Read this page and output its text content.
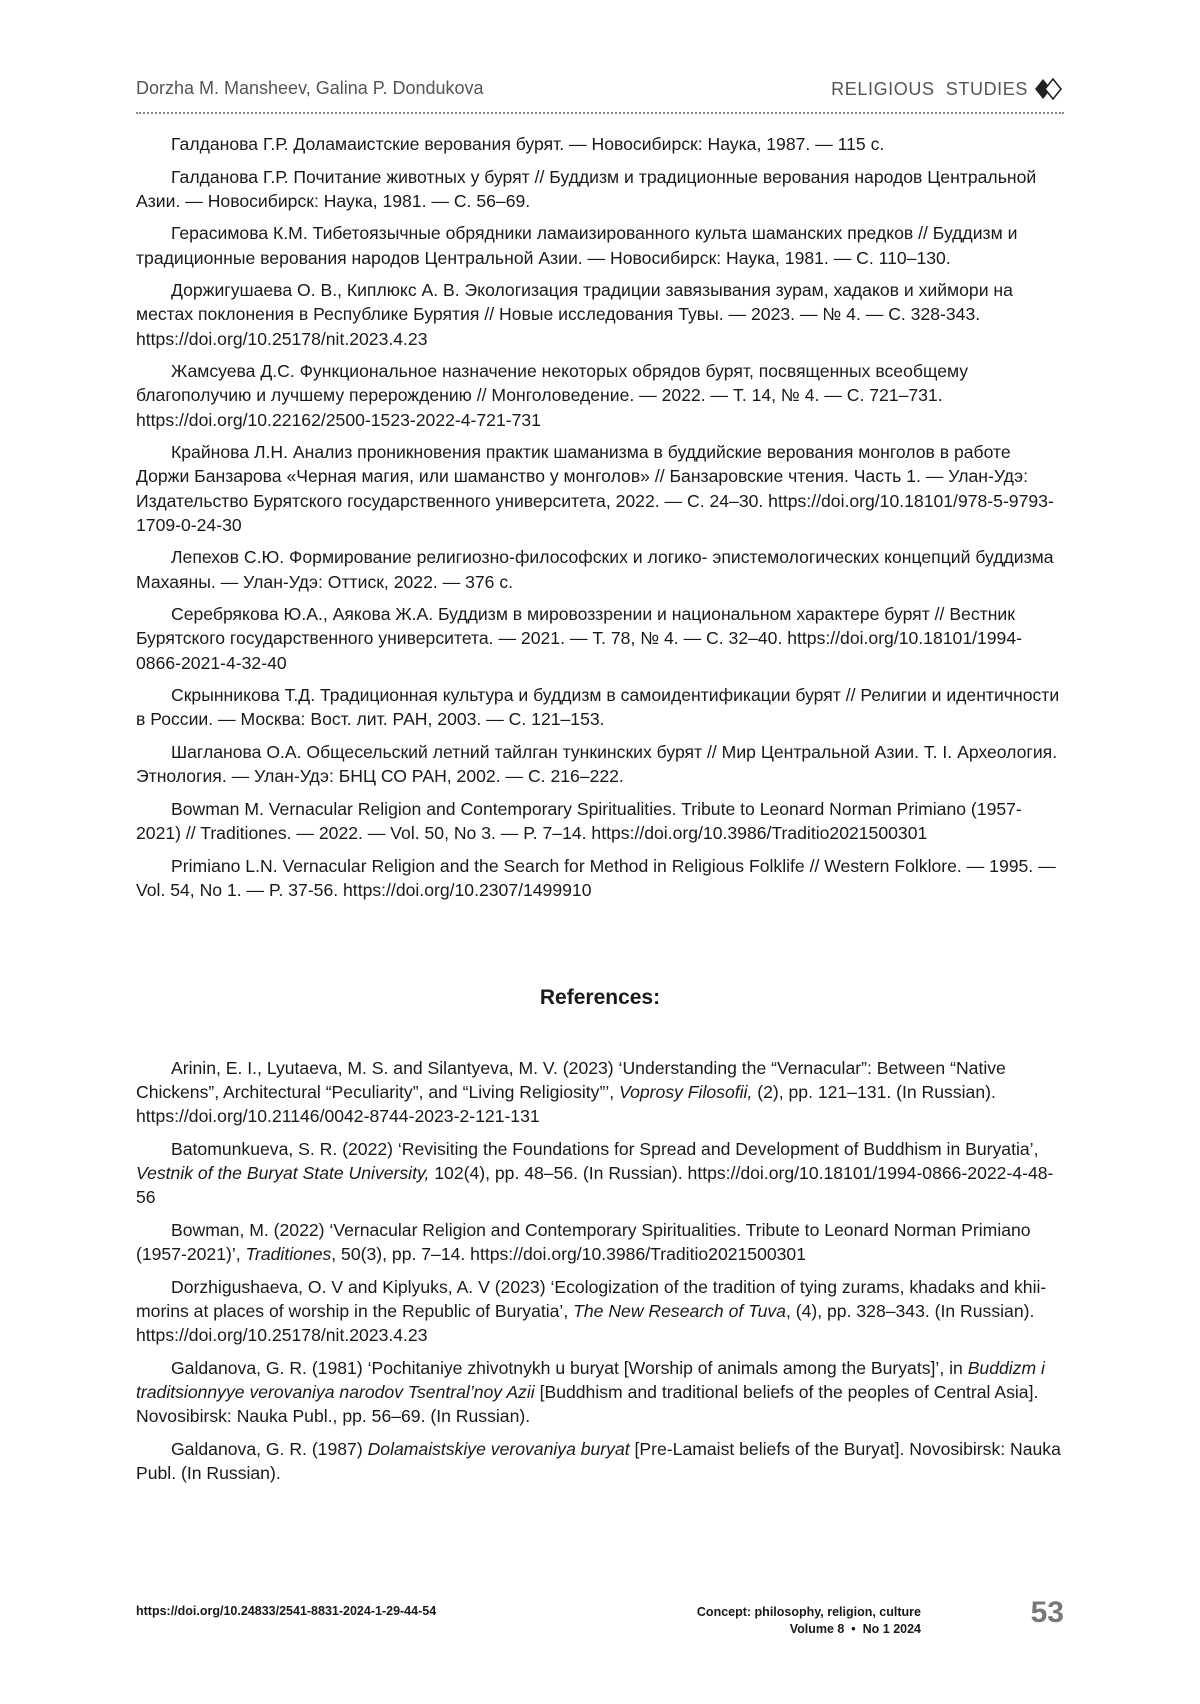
Dorzha M. Mansheev, Galina P. Dondukova	RELIGIOUS  STUDIES

Галданова Г.Р. Доламаистские верования бурят. — Новосибирск: Наука, 1987. — 115 с.

Галданова Г.Р. Почитание животных у бурят // Буддизм и традиционные верования народов Центральной Азии. — Новосибирск: Наука, 1981. — С. 56–69.

Герасимова К.М. Тибетоязычные обрядники ламаизированного культа шаманских предков // Буддизм и традиционные верования народов Центральной Азии. — Новосибирск: Наука, 1981. — С. 110–130.

Доржигушаева О. В., Киплюкс А. В. Экологизация традиции завязывания зурам, хадаков и хиймори на местах поклонения в Республике Бурятия // Новые исследования Тувы. — 2023. — № 4. — С. 328-343. https://doi.org/10.25178/nit.2023.4.23

Жамсуева Д.С. Функциональное назначение некоторых обрядов бурят, посвященных всеобщему благополучию и лучшему перерождению // Монголоведение. — 2022. — Т. 14, № 4. — С. 721–731. https://doi.org/10.22162/2500-1523-2022-4-721-731

Крайнова Л.Н. Анализ проникновения практик шаманизма в буддийские верования монголов в работе Доржи Банзарова «Черная магия, или шаманство у монголов» // Банзаровские чтения. Часть 1. — Улан-Удэ: Издательство Бурятского государственного университета, 2022. — С. 24–30. https://doi.org/10.18101/978-5-9793-1709-0-24-30

Лепехов С.Ю. Формирование религиозно-философских и логико- эпистемологических концепций буддизма Махаяны. — Улан-Удэ: Оттиск, 2022. — 376 с.

Серебрякова Ю.А., Аякова Ж.А. Буддизм в мировоззрении и национальном характере бурят // Вестник Бурятского государственного университета. — 2021. — Т. 78, № 4. — С. 32–40. https://doi.org/10.18101/1994-0866-2021-4-32-40

Скрынникова Т.Д. Традиционная культура и буддизм в самоидентификации бурят // Религии и идентичности в России. — Москва: Вост. лит. РАН, 2003. — С. 121–153.

Шагланова О.А. Общесельский летний тайлган тункинских бурят // Мир Центральной Азии. Т. I. Археология. Этнология. — Улан-Удэ: БНЦ СО РАН, 2002. — С. 216–222.

Bowman M. Vernacular Religion and Contemporary Spiritualities. Tribute to Leonard Norman Primiano (1957-2021) // Traditiones. — 2022. — Vol. 50, No 3. — P. 7–14. https://doi.org/10.3986/Traditio2021500301

Primiano L.N. Vernacular Religion and the Search for Method in Religious Folklife // Western Folklore. — 1995. — Vol. 54, No 1. — P. 37-56. https://doi.org/10.2307/1499910

References:

Arinin, E. I., Lyutaeva, M. S. and Silantyeva, M. V. (2023) ‘Understanding the “Vernacular”: Between “Native Chickens”, Architectural “Peculiarity”, and “Living Religiosity”’, Voprosy Filosofii, (2), pp. 121–131. (In Russian). https://doi.org/10.21146/0042-8744-2023-2-121-131

Batomunkueva, S. R. (2022) ‘Revisiting the Foundations for Spread and Development of Buddhism in Buryatia’, Vestnik of the Buryat State University, 102(4), pp. 48–56. (In Russian). https://doi.org/10.18101/1994-0866-2022-4-48-56

Bowman, M. (2022) ‘Vernacular Religion and Contemporary Spiritualities. Tribute to Leonard Norman Primiano (1957-2021)’, Traditiones, 50(3), pp. 7–14. https://doi.org/10.3986/Traditio2021500301

Dorzhigushaeva, O. V and Kiplyuks, A. V (2023) ‘Ecologization of the tradition of tying zurams, khadaks and khii-morins at places of worship in the Republic of Buryatia’, The New Research of Tuva, (4), pp. 328–343. (In Russian). https://doi.org/10.25178/nit.2023.4.23

Galdanova, G. R. (1981) ‘Pochitaniye zhivotnykh u buryat [Worship of animals among the Buryats]’, in Buddizm i traditsionnyye verovaniya narodov Tsentral’noy Azii [Buddhism and traditional beliefs of the peoples of Central Asia]. Novosibirsk: Nauka Publ., pp. 56–69. (In Russian).

Galdanova, G. R. (1987) Dolamaistskiye verovaniya buryat [Pre-Lamaist beliefs of the Buryat]. Novosibirsk: Nauka Publ. (In Russian).

https://doi.org/10.24833/2541-8831-2024-1-29-44-54	Concept: philosophy, religion, culture
Volume 8  •  No 1 2024	53
